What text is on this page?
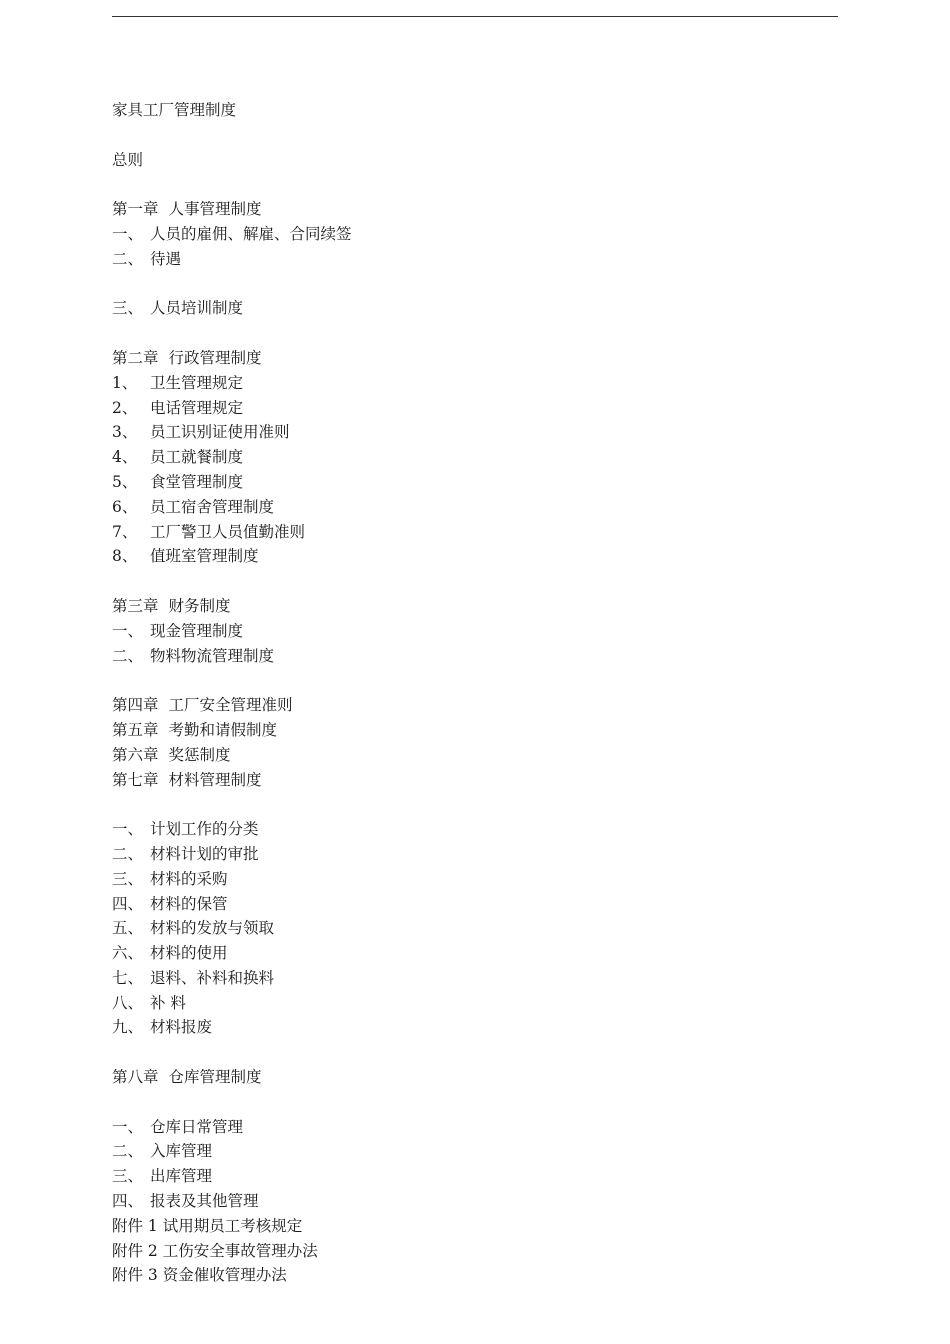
家具工厂管理制度
总则
第一章 人事管理制度
一、 人员的雇佣、解雇、合同续签
二、 待遇
三、 人员培训制度
第二章 行政管理制度
1、 卫生管理规定
2、 电话管理规定
3、 员工识别证使用准则
4、 员工就餐制度
5、 食堂管理制度
6、 员工宿舍管理制度
7、 工厂警卫人员值勤准则
8、 值班室管理制度
第三章 财务制度
一、 现金管理制度
二、 物料物流管理制度
第四章 工厂安全管理准则
第五章 考勤和请假制度
第六章 奖惩制度
第七章 材料管理制度
一、 计划工作的分类
二、 材料计划的审批
三、 材料的采购
四、 材料的保管
五、 材料的发放与领取
六、 材料的使用
七、 退料、补料和换料
八、 补 料
九、 材料报废
第八章 仓库管理制度
一、 仓库日常管理
二、 入库管理
三、 出库管理
四、 报表及其他管理
附件 1 试用期员工考核规定
附件 2 工伤安全事故管理办法
附件 3 资金催收管理办法
